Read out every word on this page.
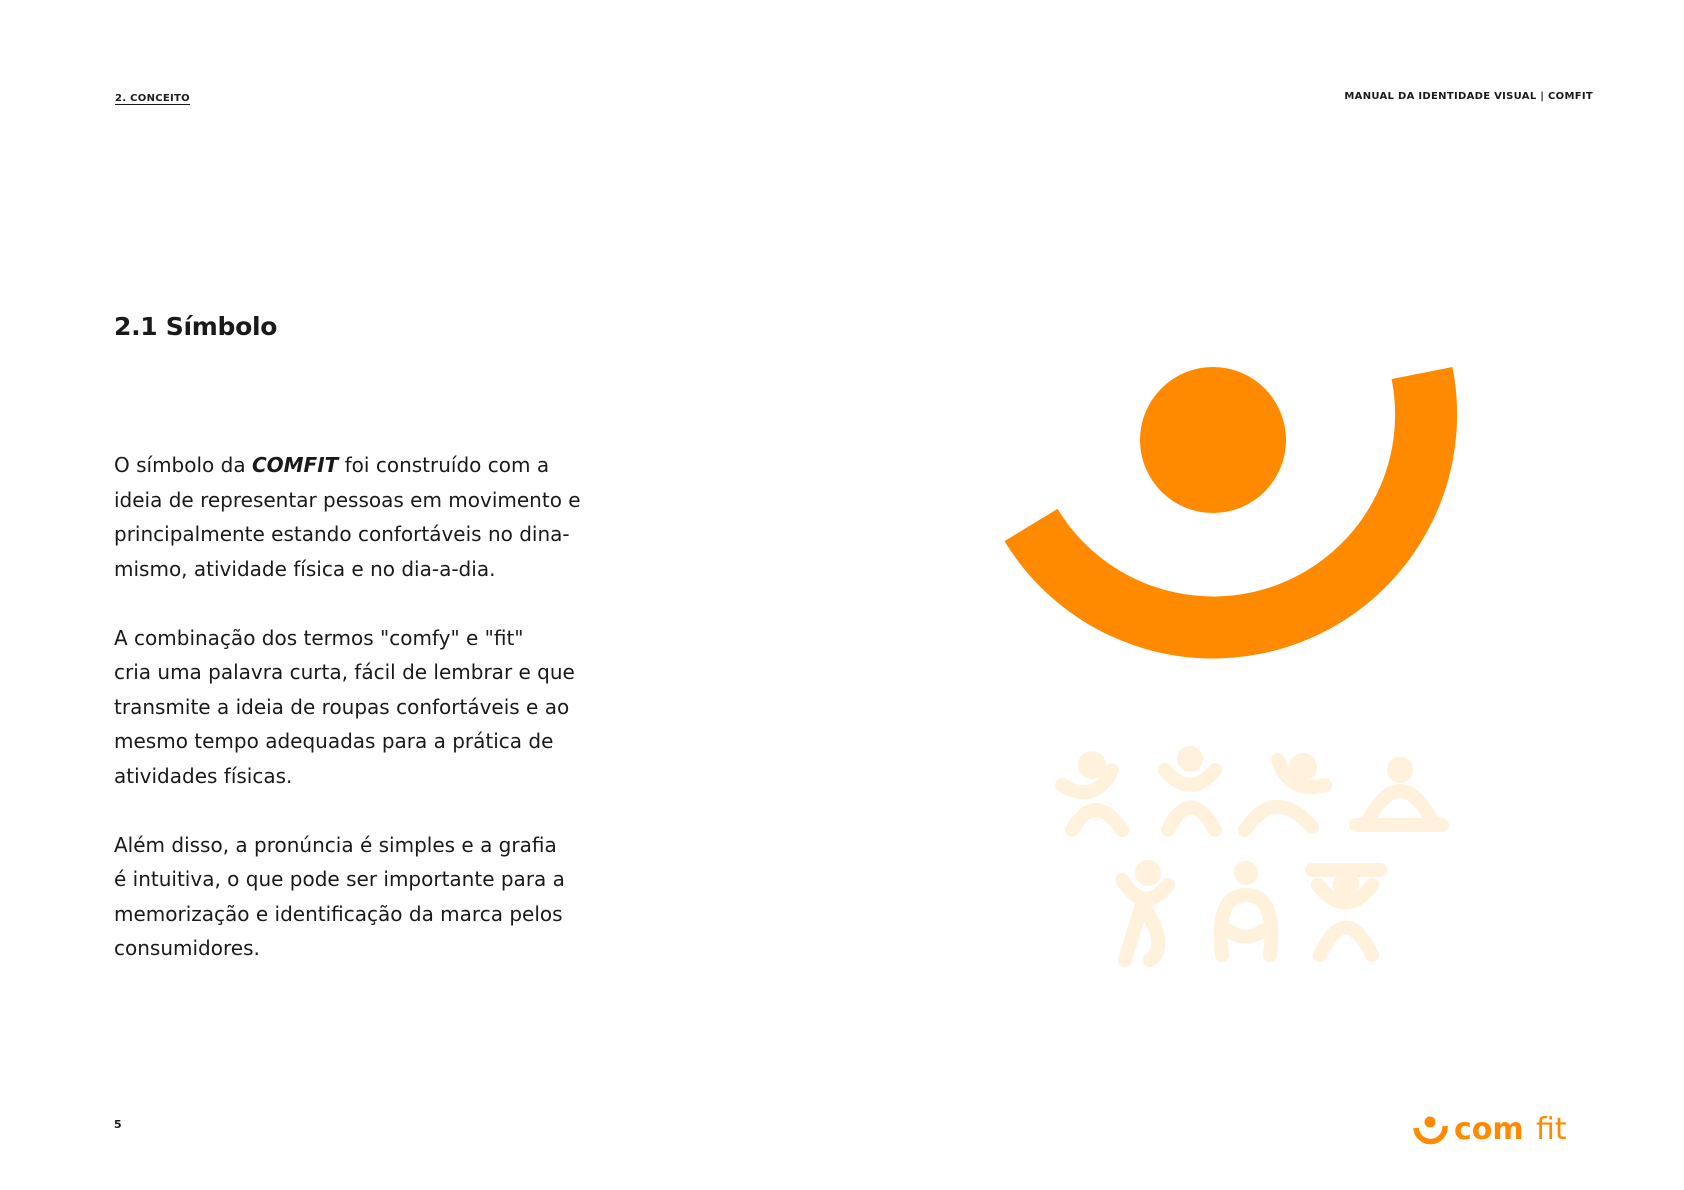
2. CONCEITO	MANUAL DA IDENTIDADE VISUAL | COMFIT
2.1 Símbolo

O símbolo da COMFIT foi construído com a
ideia de representar pessoas em movimento e
principalmente estando confortáveis no dina-
mismo, atividade física e no dia-a-dia.

A combinação dos termos "comfy" e "fit"
cria uma palavra curta, fácil de lembrar e que
transmite a ideia de roupas confortáveis e ao
mesmo tempo adequadas para a prática de
atividades físicas.

Além disso, a pronúncia é simples e a grafia
é intuitiva, o que pode ser importante para a
memorização e identificação da marca pelos
consumidores.

5	com fit
